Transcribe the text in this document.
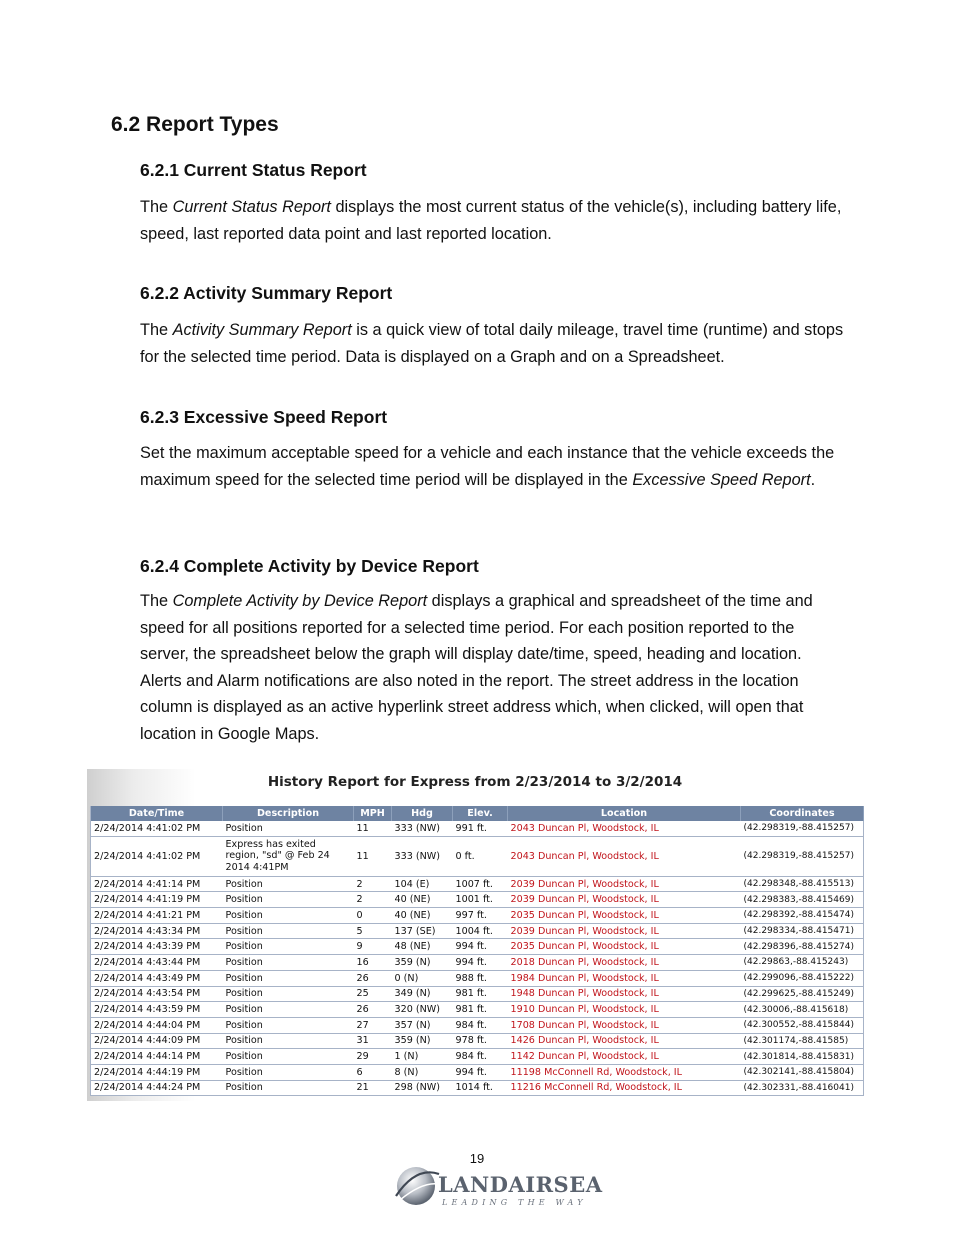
6.2 Report Types
6.2.1 Current Status Report

The Current Status Report displays the most current status of the vehicle(s), including battery life, speed, last reported data point and last reported location.

6.2.2 Activity Summary Report

The Activity Summary Report is a quick view of total daily mileage, travel time (runtime) and stops for the selected time period. Data is displayed on a Graph and on a Spreadsheet.

6.2.3 Excessive Speed Report

Set the maximum acceptable speed for a vehicle and each instance that the vehicle exceeds the maximum speed for the selected time period will be displayed in the Excessive Speed Report.

6.2.4 Complete Activity by Device Report

The Complete Activity by Device Report displays a graphical and spreadsheet of the time and speed for all positions reported for a selected time period. For each position reported to the server, the spreadsheet below the graph will display date/time, speed, heading and location. Alerts and Alarm notifications are also noted in the report. The street address in the location column is displayed as an active hyperlink street address which, when clicked, will open that location in Google Maps.

History Report for Express from 2/23/2014 to 3/2/2014
Date/Time	Description	MPH	Hdg	Elev.	Location	Coordinates
2/24/2014 4:41:02 PM	Position	11	333 (NW)	991 ft.	2043 Duncan Pl, Woodstock, IL	(42.298319,-88.415257)
2/24/2014 4:41:02 PM	Express has exited region, "sd" @ Feb 24 2014 4:41PM	11	333 (NW)	0 ft.	2043 Duncan Pl, Woodstock, IL	(42.298319,-88.415257)
2/24/2014 4:41:14 PM	Position	2	104 (E)	1007 ft.	2039 Duncan Pl, Woodstock, IL	(42.298348,-88.415513)
2/24/2014 4:41:19 PM	Position	2	40 (NE)	1001 ft.	2039 Duncan Pl, Woodstock, IL	(42.298383,-88.415469)
2/24/2014 4:41:21 PM	Position	0	40 (NE)	997 ft.	2035 Duncan Pl, Woodstock, IL	(42.298392,-88.415474)
2/24/2014 4:43:34 PM	Position	5	137 (SE)	1004 ft.	2039 Duncan Pl, Woodstock, IL	(42.298334,-88.415471)
2/24/2014 4:43:39 PM	Position	9	48 (NE)	994 ft.	2035 Duncan Pl, Woodstock, IL	(42.298396,-88.415274)
2/24/2014 4:43:44 PM	Position	16	359 (N)	994 ft.	2018 Duncan Pl, Woodstock, IL	(42.29863,-88.415243)
2/24/2014 4:43:49 PM	Position	26	0 (N)	988 ft.	1984 Duncan Pl, Woodstock, IL	(42.299096,-88.415222)
2/24/2014 4:43:54 PM	Position	25	349 (N)	981 ft.	1948 Duncan Pl, Woodstock, IL	(42.299625,-88.415249)
2/24/2014 4:43:59 PM	Position	26	320 (NW)	981 ft.	1910 Duncan Pl, Woodstock, IL	(42.30006,-88.415618)
2/24/2014 4:44:04 PM	Position	27	357 (N)	984 ft.	1708 Duncan Pl, Woodstock, IL	(42.300552,-88.415844)
2/24/2014 4:44:09 PM	Position	31	359 (N)	978 ft.	1426 Duncan Pl, Woodstock, IL	(42.301174,-88.41585)
2/24/2014 4:44:14 PM	Position	29	1 (N)	984 ft.	1142 Duncan Pl, Woodstock, IL	(42.301814,-88.415831)
2/24/2014 4:44:19 PM	Position	6	8 (N)	994 ft.	11198 McConnell Rd, Woodstock, IL	(42.302141,-88.415804)
2/24/2014 4:44:24 PM	Position	21	298 (NW)	1014 ft.	11216 McConnell Rd, Woodstock, IL	(42.302331,-88.416041)
19
LANDAIRSEA
LEADING THE WAY
